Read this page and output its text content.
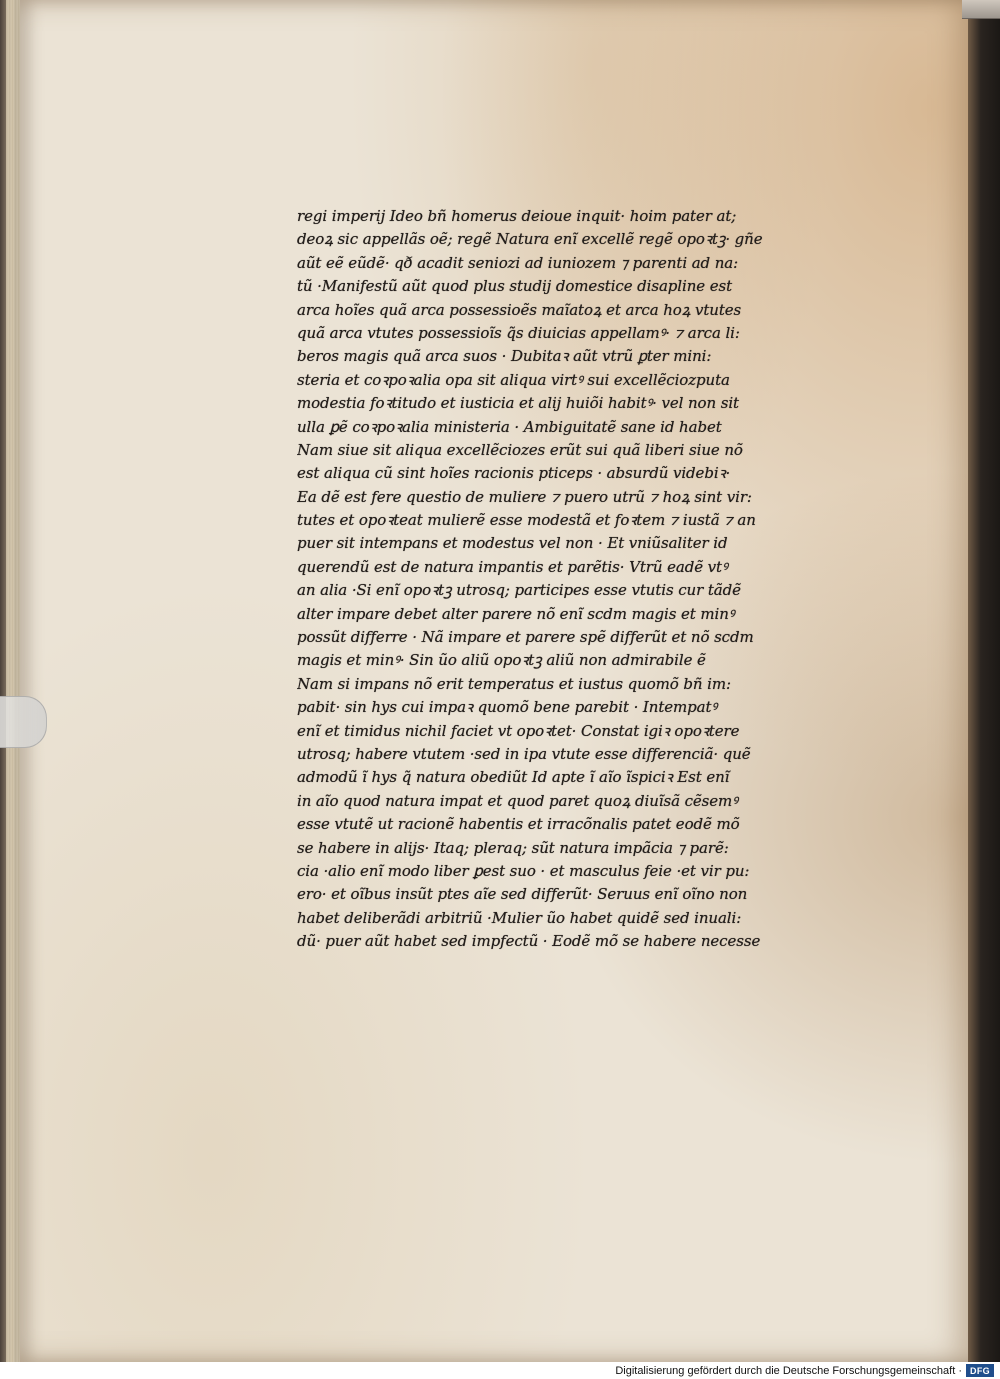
regi imperij Ideo bñ homerus deioue inquit· hoim pater at;
deoꝝ sic appellãs oẽ; regẽ Natura enĩ excellẽ regẽ opoꝛtꝫ· gñe
aũt eẽ eũdẽ· qð acadit seniozi ad iuniozem ⁊ parenti ad na:
tũ ·Manifestũ aũt quod plus studij domestice disapline est
arca hoĩes quã arca possessioẽs maĩatoꝝ et arca hoꝝ vtutes
quã arca vtutes possessioĩs q̃s diuicias appellamꝰ· ⁊ arca li:
beros magis quã arca suos · Dubitaꝛ aũt vtrũ ꝑter mini:
steria et coꝛpoꝛalia opa sit aliqua virtꝰ sui excellẽciozputa
modestia foꝛtitudo et iusticia et alij huiõi habitꝰ· vel non sit
ulla ꝑẽ coꝛpoꝛalia ministeria · Ambiguitatẽ sane id habet
Nam siue sit aliqua excellẽciozes erũt sui quã liberi siue nõ
est aliqua cũ sint hoĩes racionis pticeps · absurdũ videbiꝛ·
Ea dẽ est fere questio de muliere ⁊ puero utrũ ⁊ hoꝝ sint vir:
tutes et opoꝛteat mulierẽ esse modestã et foꝛtem ⁊ iustã ⁊ an
puer sit intempans et modestus vel non · Et vniũsaliter id
querendũ est de natura impantis et parẽtis· Vtrũ eadẽ vtꝰ
an alia ·Si enĩ opoꝛtꝫ utrosq; participes esse vtutis cur tãdẽ
alter impare debet alter parere nõ enĩ scdm magis et minꝰ
possũt differre · Nã impare et parere spẽ differũt et nõ scdm
magis et minꝰ· Sin ũo aliũ opoꝛtꝫ aliũ non admirabile ẽ
Nam si impans nõ erit temperatus et iustus quomõ bñ im:
pabit· sin hys cui impaꝛ quomõ bene parebit · Intempatꝰ
enĩ et timidus nichil faciet vt opoꝛtet· Constat igiꝛ opoꝛtere
utrosq; habere vtutem ·sed in ipa vtute esse differenciã· quẽ
admodũ ĩ hys q̃ natura obediũt Id apte ĩ aĩo ĩspiciꝛ Est enĩ
in aĩo quod natura impat et quod paret quoꝝ diuĩsã cẽsemꝰ
esse vtutẽ ut racionẽ habentis et irracõnalis patet eodẽ mõ
se habere in alijs· Itaq; pleraq; sũt natura impãcia ⁊ parẽ:
cia ·alio enĩ modo liber ꝑest suo · et masculus feie ·et vir pu:
ero· et oĩbus insũt ptes aĩe sed differũt· Seruus enĩ oĩno non
habet deliberãdi arbitriũ ·Mulier ũo habet quidẽ sed inuali:
dũ· puer aũt habet sed impfectũ · Eodẽ mõ se habere necesse
Digitalisierung gefördert durch die Deutsche Forschungsgemeinschaft · DFG
